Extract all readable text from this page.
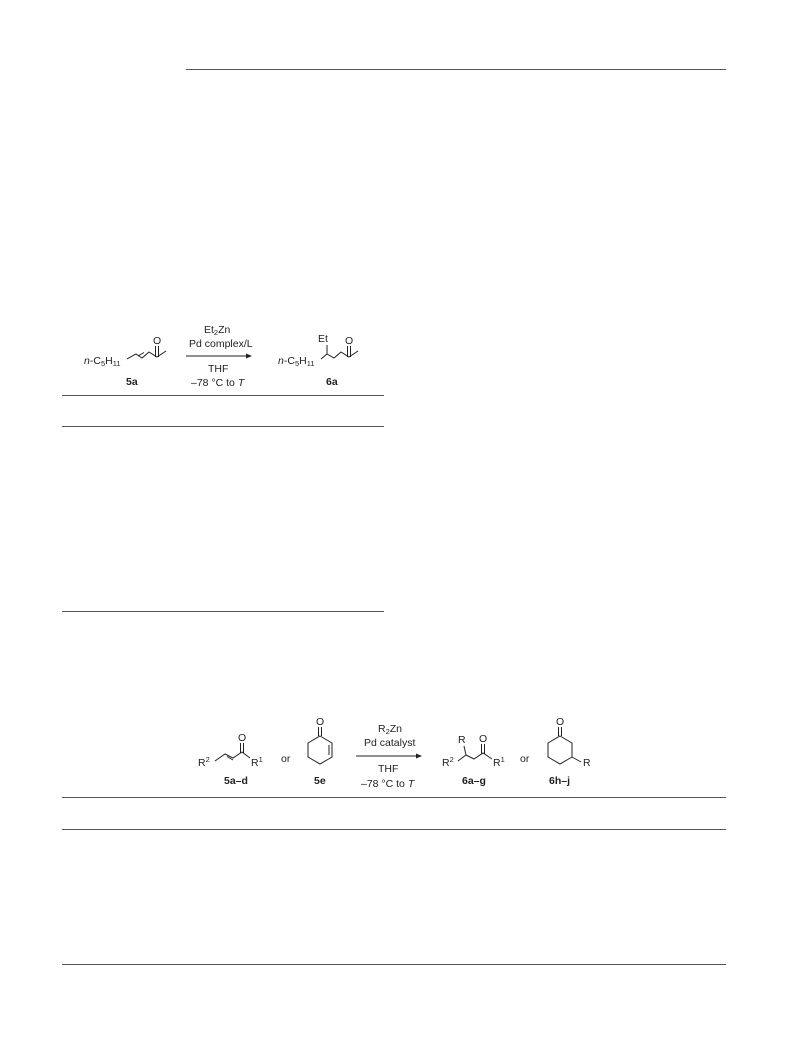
n-C5H11
O
5a
Et2Zn
Pd complex/L
THF
–78 °C to T
n-C5H11
Et O
6a
$R^2$
O
$R^1$
5a–d
or
O
5e
R2Zn
Pd catalyst
THF
–78 °C to T
R
$R^2$
O
$R^1$
6a–g
or
O
R
6h–j
